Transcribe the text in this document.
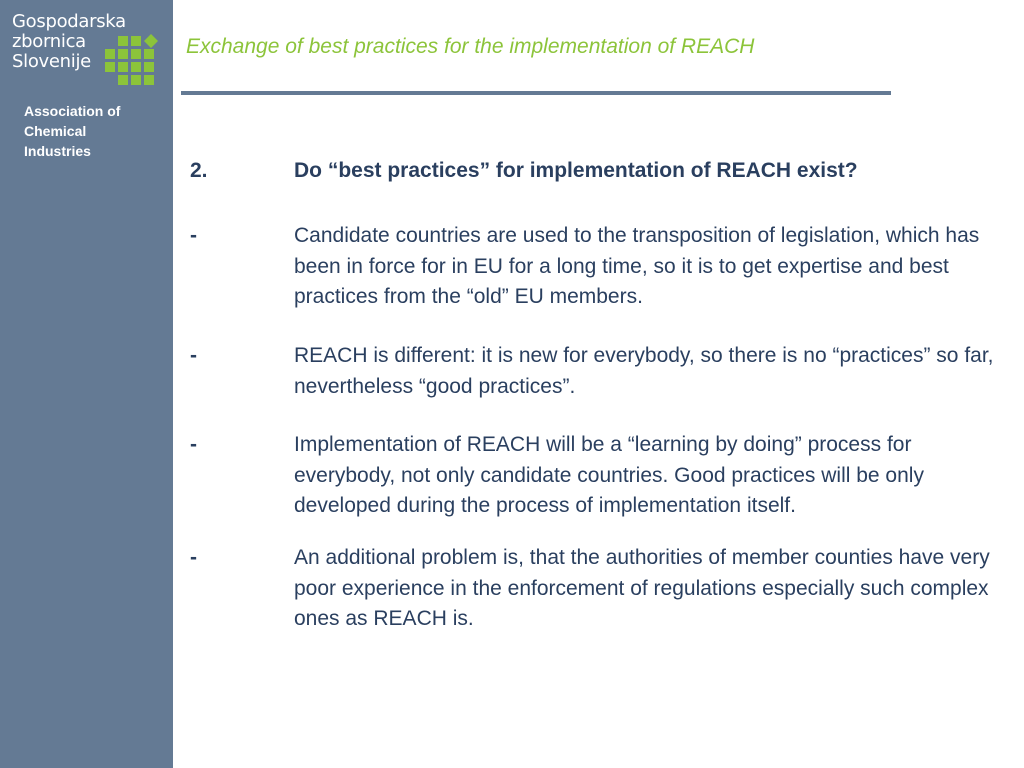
Gospodarska
zbornica
Slovenije
Association of
Chemical
Industries
Exchange of best practices for the implementation of REACH
2.	Do “best practices” for implementation of REACH exist?
-	Candidate countries are used to the transposition of legislation, which has been in force for in EU for a long time, so it is to get expertise and best practices from the “old” EU members.
-	REACH is different: it is new for everybody, so there is no “practices” so far, nevertheless “good practices”.
-	Implementation of REACH will be a “learning by doing” process for everybody, not only candidate countries. Good practices will be only developed during the process of implementation itself.
-	An additional problem is, that the authorities of member counties have very poor experience in the enforcement of regulations especially such complex ones as REACH is.
